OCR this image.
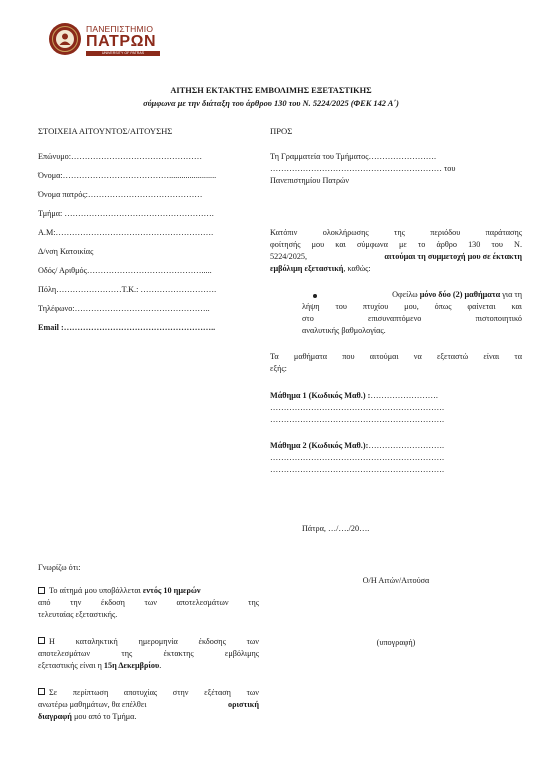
ΠΑΝΕΠΙΣΤΗΜΙΟ
ΠΑΤΡΩΝ
UNIVERSITY OF PATRAS
ΑΙΤΗΣΗ ΕΚΤΑΚΤΗΣ ΕΜΒΟΛΙΜΗΣ ΕΞΕΤΑΣΤΙΚΗΣ
σύμφωνα με την διάταξη του άρθρου 130 του Ν. 5224/2025 (ΦΕΚ 142 Α΄)
ΣΤΟΙΧΕΙΑ ΑΙΤΟΥΝΤΟΣ/ΑΙΤΟΥΣΗΣ
Επώνυμο:…………………………………………
Όνομα:………………………………….......................
Όνομα πατρός:……………………………………
Τμήμα: ……………………………………………….
Α.Μ:………………………………………………….
Δ/νση Κατοικίας
Οδός/ Αριθμός…………………………………….....
Πόλη……………………Τ.Κ.: ……………………….
Τηλέφωνο:…………………………………………..
Email :………………………………………………..
Γνωρίζω ότι:
Το αίτημά μου υποβάλλεται εντός 10 ημερών
από την έκδοση των αποτελεσμάτων της
τελευταίας εξεταστικής.
Η καταληκτική ημερομηνία έκδοσης των
αποτελεσμάτων της έκτακτης εμβόλιμης
εξεταστικής είναι η 15η Δεκεμβρίου.
Σε περίπτωση αποτυχίας στην εξέταση των
ανωτέρω μαθημάτων, θα επέλθει	οριστική
διαγραφή μου από το Τμήμα.
ΠΡΟΣ
Τη Γραμματεία του Τμήματος…………………….
……………………………………………………… του
Πανεπιστημίου Πατρών
Κατόπιν ολοκλήρωσης της περιόδου παράτασης
φοίτησής μου και σύμφωνα με το άρθρο 130 του Ν.
5224/2025,	αιτούμαι τη συμμετοχή μου σε έκτακτη
εμβόλιμη εξεταστική, καθώς:
Οφείλω μόνο δύο (2) μαθήματα για τη
λήψη του πτυχίου μου, όπως φαίνεται και
στο επισυναπτόμενο πιστοποιητικό
αναλυτικής βαθμολογίας.
Τα μαθήματα που αιτούμαι να εξεταστώ είναι τα
εξής:
Μάθημα 1 (Κωδικός Μαθ.) :…………………….
……………………………………………………….
……………………………………………………….
Μάθημα 2 (Κωδικός Μαθ.):……………………….
……………………………………………………….
……………………………………………………….
Πάτρα, …/…./20….
Ο/Η Αιτών/Αιτούσα
(υπογραφή)
